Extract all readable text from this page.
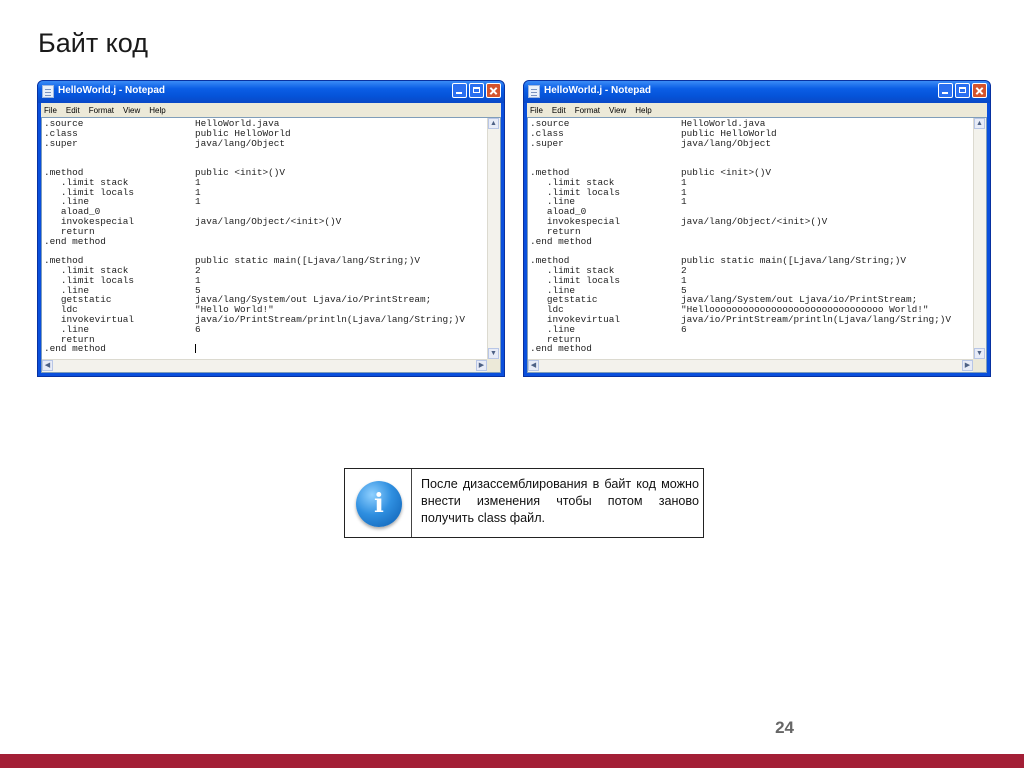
Байт код
HelloWorld.j - Notepad
File	Edit	Format	View	Help
.source	HelloWorld.java
.class	public HelloWorld
.super	java/lang/Object
.method	public <init>()V
.limit stack	1
.limit locals	1
.line	1
aload_0
invokespecial	java/lang/Object/<init>()V
return
.end method
.method	public static main([Ljava/lang/String;)V
.limit stack	2
.limit locals	1
.line	5
getstatic	java/lang/System/out Ljava/io/PrintStream;
ldc	"Hello World!"
invokevirtual	java/io/PrintStream/println(Ljava/lang/String;)V
.line	6
return
.end method
▲
▼
◀	▶
HelloWorld.j - Notepad
File	Edit	Format	View	Help
.source	HelloWorld.java
.class	public HelloWorld
.super	java/lang/Object
.method	public <init>()V
.limit stack	1
.limit locals	1
.line	1
aload_0
invokespecial	java/lang/Object/<init>()V
return
.end method
.method	public static main([Ljava/lang/String;)V
.limit stack	2
.limit locals	1
.line	5
getstatic	java/lang/System/out Ljava/io/PrintStream;
ldc	"Hellooooooooooooooooooooooooooooooo World!"
invokevirtual	java/io/PrintStream/println(Ljava/lang/String;)V
.line	6
return
.end method
▲
▼
◀	▶
i
После дизассемблирования в байт код можно внести изменения чтобы потом заново получить class файл.
24
